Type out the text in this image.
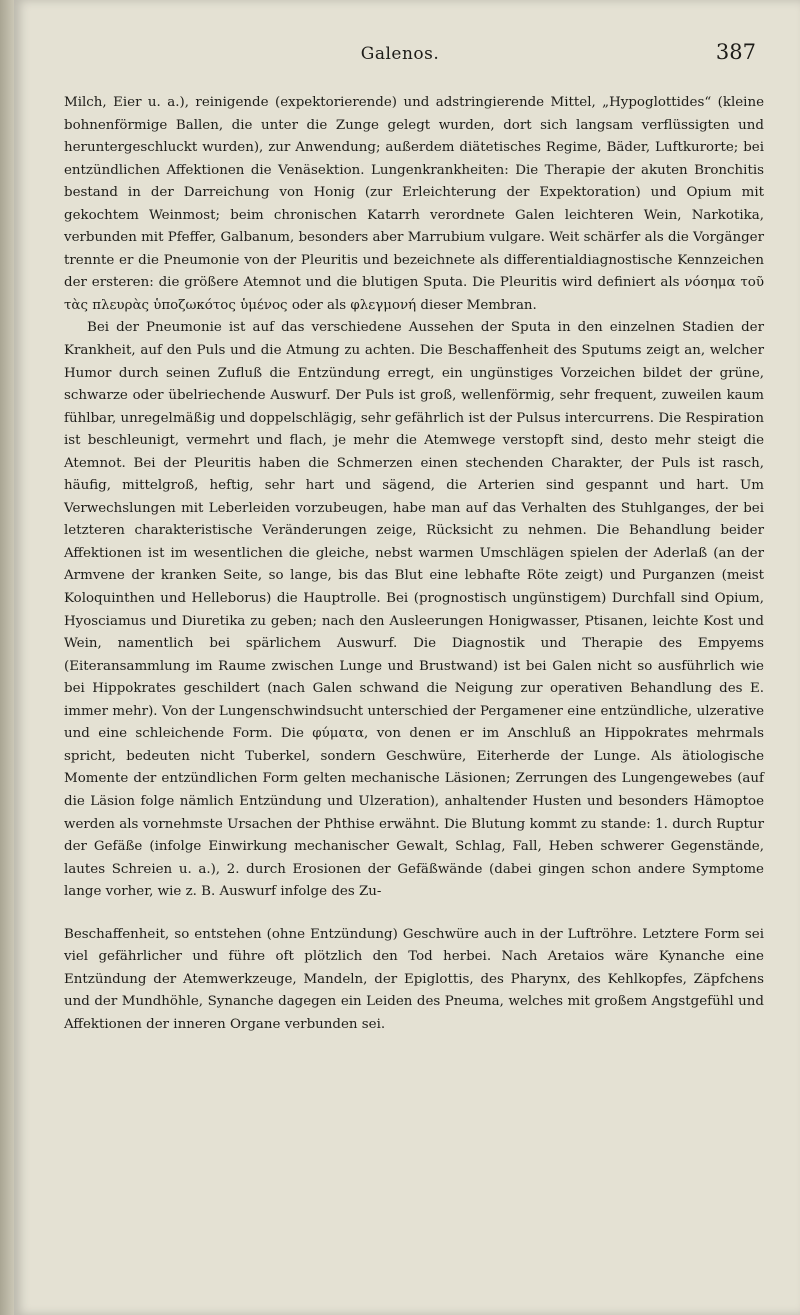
Galenos.	387

Milch, Eier u. a.), reinigende (expektorierende) und adstringierende Mittel, „Hypoglottides“ (kleine bohnenförmige Ballen, die unter die Zunge gelegt wurden, dort sich langsam verflüssigten und heruntergeschluckt wurden), zur Anwendung; außerdem diätetisches Regime, Bäder, Luftkurorte; bei entzündlichen Affektionen die Venäsektion. Lungenkrankheiten: Die Therapie der akuten Bronchitis bestand in der Darreichung von Honig (zur Erleichterung der Expektoration) und Opium mit gekochtem Weinmost; beim chronischen Katarrh verordnete Galen leichteren Wein, Narkotika, verbunden mit Pfeffer, Galbanum, besonders aber Marrubium vulgare. Weit schärfer als die Vorgänger trennte er die Pneumonie von der Pleuritis und bezeichnete als differentialdiagnostische Kennzeichen der ersteren: die größere Atemnot und die blutigen Sputa. Die Pleuritis wird definiert als νόσημα τοῦ τὰς πλευρὰς ὑποζωκότος ὑμένος oder als φλεγμονή dieser Membran.

Bei der Pneumonie ist auf das verschiedene Aussehen der Sputa in den einzelnen Stadien der Krankheit, auf den Puls und die Atmung zu achten. Die Beschaffenheit des Sputums zeigt an, welcher Humor durch seinen Zufluß die Entzündung erregt, ein ungünstiges Vorzeichen bildet der grüne, schwarze oder übelriechende Auswurf. Der Puls ist groß, wellenförmig, sehr frequent, zuweilen kaum fühlbar, unregelmäßig und doppelschlägig, sehr gefährlich ist der Pulsus intercurrens. Die Respiration ist beschleunigt, vermehrt und flach, je mehr die Atemwege verstopft sind, desto mehr steigt die Atemnot. Bei der Pleuritis haben die Schmerzen einen stechenden Charakter, der Puls ist rasch, häufig, mittelgroß, heftig, sehr hart und sägend, die Arterien sind gespannt und hart. Um Verwechslungen mit Leberleiden vorzubeugen, habe man auf das Verhalten des Stuhlganges, der bei letzteren charakteristische Veränderungen zeige, Rücksicht zu nehmen. Die Behandlung beider Affektionen ist im wesentlichen die gleiche, nebst warmen Umschlägen spielen der Aderlaß (an der Armvene der kranken Seite, so lange, bis das Blut eine lebhafte Röte zeigt) und Purganzen (meist Koloquinthen und Helleborus) die Hauptrolle. Bei (prognostisch ungünstigem) Durchfall sind Opium, Hyosciamus und Diuretika zu geben; nach den Ausleerungen Honigwasser, Ptisanen, leichte Kost und Wein, namentlich bei spärlichem Auswurf. Die Diagnostik und Therapie des Empyems (Eiteransammlung im Raume zwischen Lunge und Brustwand) ist bei Galen nicht so ausführlich wie bei Hippokrates geschildert (nach Galen schwand die Neigung zur operativen Behandlung des E. immer mehr). Von der Lungenschwindsucht unterschied der Pergamener eine entzündliche, ulzerative und eine schleichende Form. Die φύματα, von denen er im Anschluß an Hippokrates mehrmals spricht, bedeuten nicht Tuberkel, sondern Geschwüre, Eiterherde der Lunge. Als ätiologische Momente der entzündlichen Form gelten mechanische Läsionen; Zerrungen des Lungengewebes (auf die Läsion folge nämlich Entzündung und Ulzeration), anhaltender Husten und besonders Hämoptoe werden als vornehmste Ursachen der Phthise erwähnt. Die Blutung kommt zu stande: 1. durch Ruptur der Gefäße (infolge Einwirkung mechanischer Gewalt, Schlag, Fall, Heben schwerer Gegenstände, lautes Schreien u. a.), 2. durch Erosionen der Gefäßwände (dabei gingen schon andere Symptome lange vorher, wie z. B. Auswurf infolge des Zu-

Beschaffenheit, so entstehen (ohne Entzündung) Geschwüre auch in der Luftröhre. Letztere Form sei viel gefährlicher und führe oft plötzlich den Tod herbei. Nach Aretaios wäre Kynanche eine Entzündung der Atemwerkzeuge, Mandeln, der Epiglottis, des Pharynx, des Kehlkopfes, Zäpfchens und der Mundhöhle, Synanche dagegen ein Leiden des Pneuma, welches mit großem Angstgefühl und Affektionen der inneren Organe verbunden sei.
